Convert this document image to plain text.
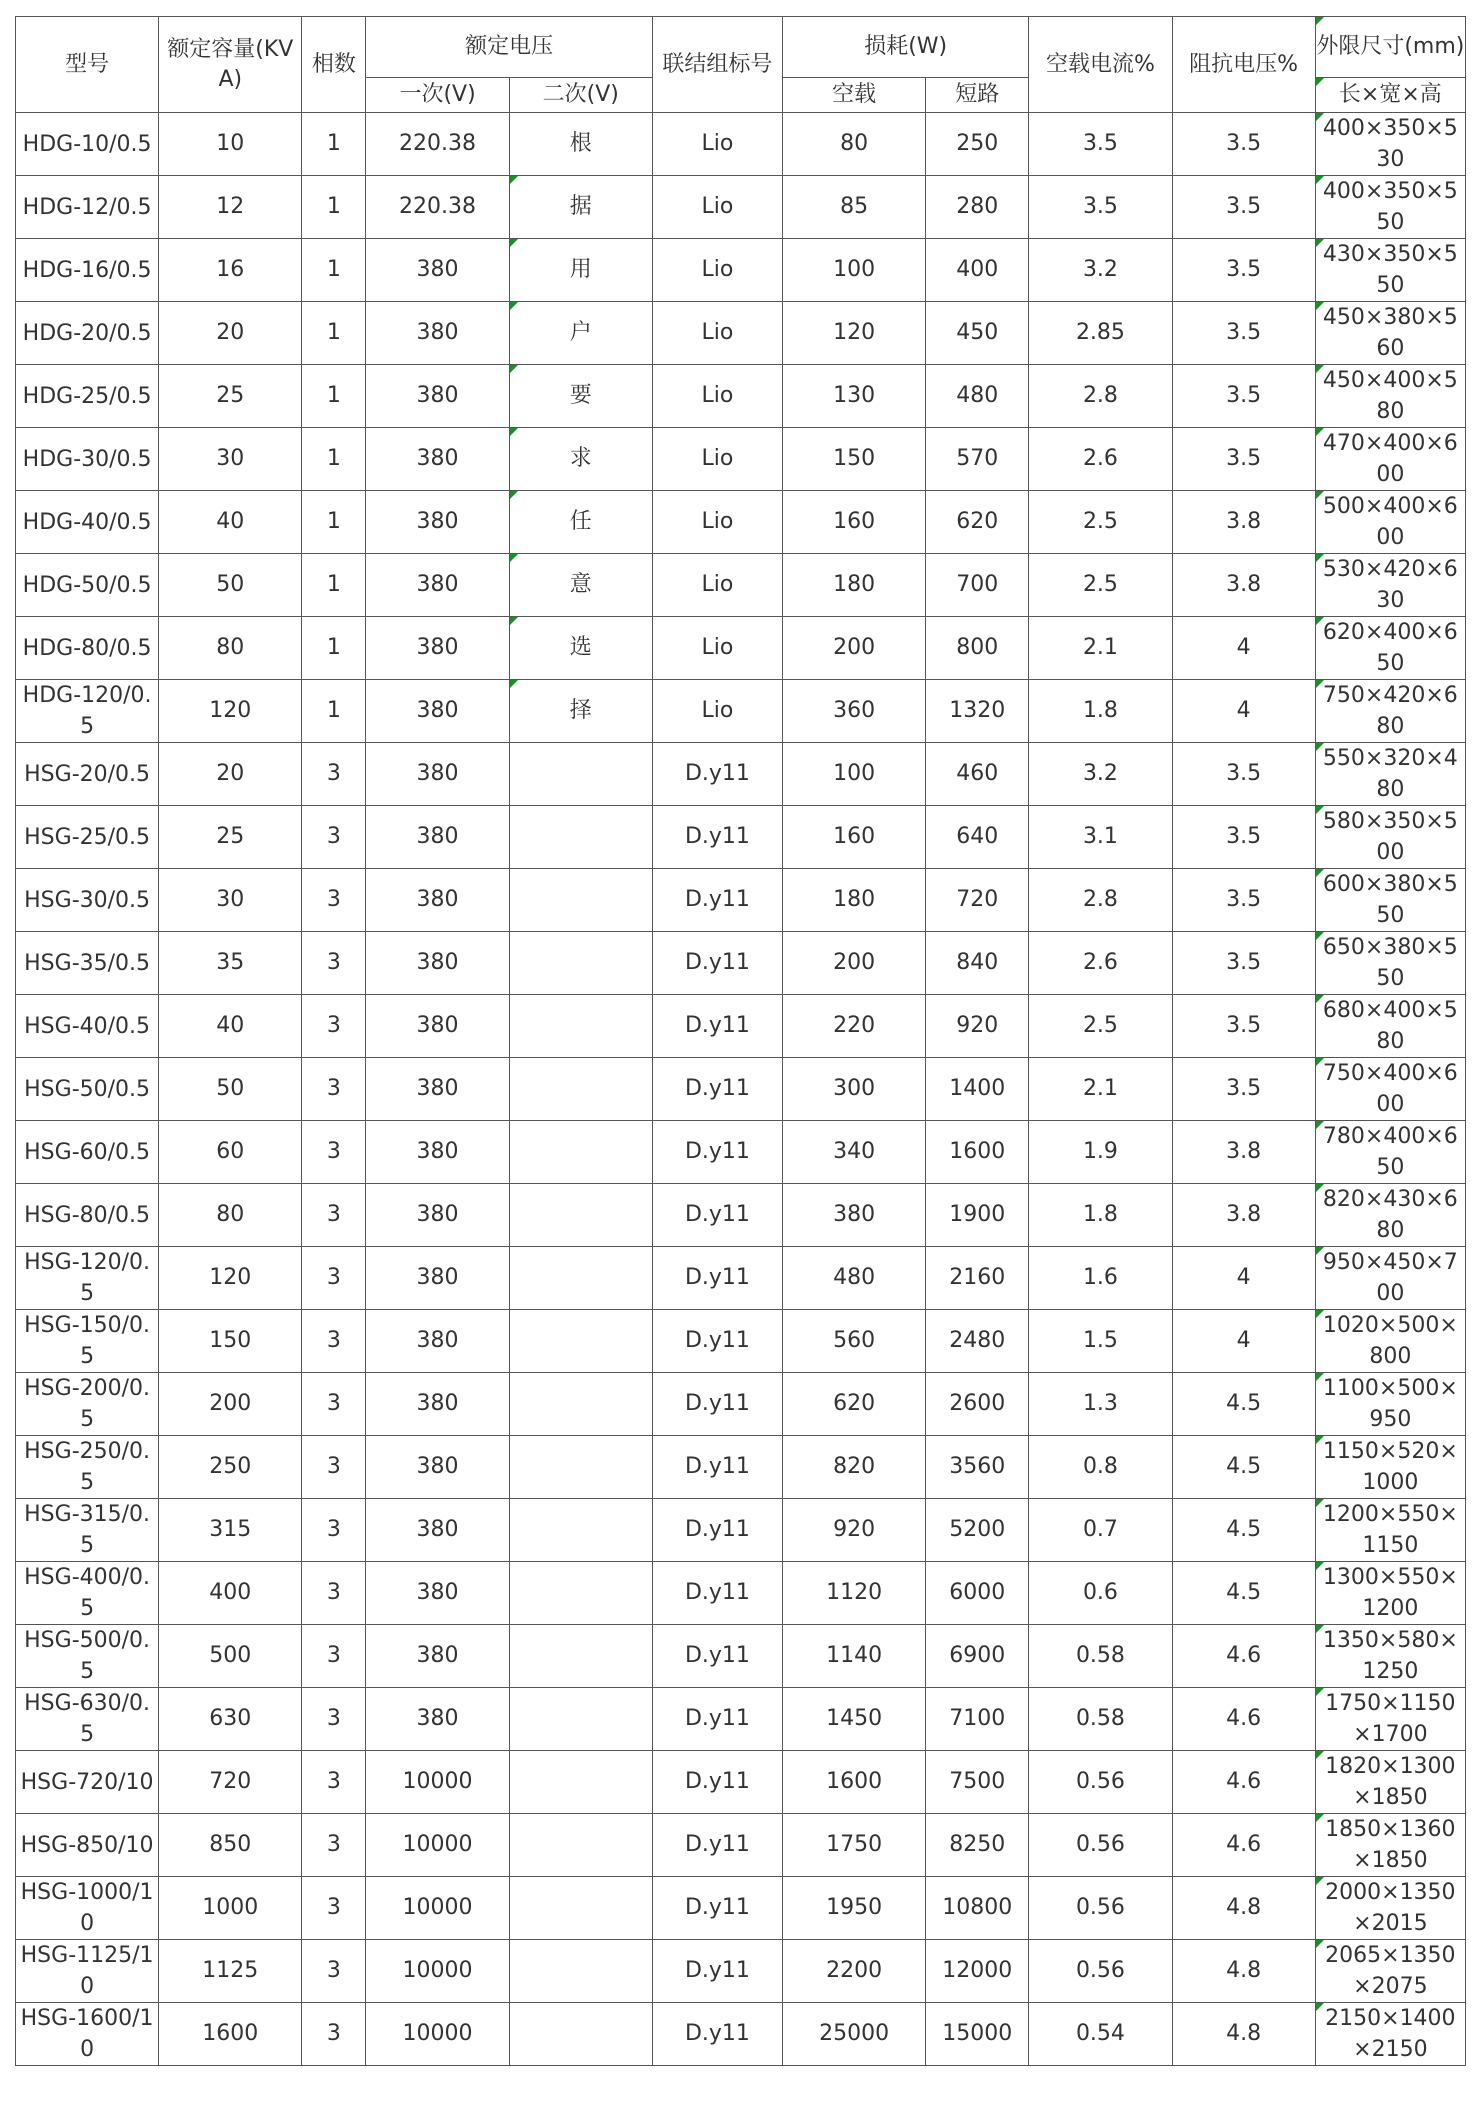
型号	额定容量(KVA)	相数	额定电压		联结组标号	损耗(W)		空载电流%	阻抗电压%	外限尺寸(mm)
			一次(V)	二次(V)		空载	短路			长×宽×高
HDG-10/0.5	10	1	220.38	根	Lio	80	250	3.5	3.5	400×350×530
HDG-12/0.5	12	1	220.38	据	Lio	85	280	3.5	3.5	400×350×550
HDG-16/0.5	16	1	380	用	Lio	100	400	3.2	3.5	430×350×550
HDG-20/0.5	20	1	380	户	Lio	120	450	2.85	3.5	450×380×560
HDG-25/0.5	25	1	380	要	Lio	130	480	2.8	3.5	450×400×580
HDG-30/0.5	30	1	380	求	Lio	150	570	2.6	3.5	470×400×600
HDG-40/0.5	40	1	380	任	Lio	160	620	2.5	3.8	500×400×600
HDG-50/0.5	50	1	380	意	Lio	180	700	2.5	3.8	530×420×630
HDG-80/0.5	80	1	380	选	Lio	200	800	2.1	4	620×400×650
HDG-120/0.5	120	1	380	择	Lio	360	1320	1.8	4	750×420×680
HSG-20/0.5	20	3	380		D.y11	100	460	3.2	3.5	550×320×480
HSG-25/0.5	25	3	380		D.y11	160	640	3.1	3.5	580×350×500
HSG-30/0.5	30	3	380		D.y11	180	720	2.8	3.5	600×380×550
HSG-35/0.5	35	3	380		D.y11	200	840	2.6	3.5	650×380×550
HSG-40/0.5	40	3	380		D.y11	220	920	2.5	3.5	680×400×580
HSG-50/0.5	50	3	380		D.y11	300	1400	2.1	3.5	750×400×600
HSG-60/0.5	60	3	380		D.y11	340	1600	1.9	3.8	780×400×650
HSG-80/0.5	80	3	380		D.y11	380	1900	1.8	3.8	820×430×680
HSG-120/0.5	120	3	380		D.y11	480	2160	1.6	4	950×450×700
HSG-150/0.5	150	3	380		D.y11	560	2480	1.5	4	1020×500×800
HSG-200/0.5	200	3	380		D.y11	620	2600	1.3	4.5	1100×500×950
HSG-250/0.5	250	3	380		D.y11	820	3560	0.8	4.5	1150×520×1000
HSG-315/0.5	315	3	380		D.y11	920	5200	0.7	4.5	1200×550×1150
HSG-400/0.5	400	3	380		D.y11	1120	6000	0.6	4.5	1300×550×1200
HSG-500/0.5	500	3	380		D.y11	1140	6900	0.58	4.6	1350×580×1250
HSG-630/0.5	630	3	380		D.y11	1450	7100	0.58	4.6	1750×1150×1700
HSG-720/10	720	3	10000		D.y11	1600	7500	0.56	4.6	1820×1300×1850
HSG-850/10	850	3	10000		D.y11	1750	8250	0.56	4.6	1850×1360×1850
HSG-1000/10	1000	3	10000		D.y11	1950	10800	0.56	4.8	2000×1350×2015
HSG-1125/10	1125	3	10000		D.y11	2200	12000	0.56	4.8	2065×1350×2075
HSG-1600/10	1600	3	10000		D.y11	25000	15000	0.54	4.8	2150×1400×2150
